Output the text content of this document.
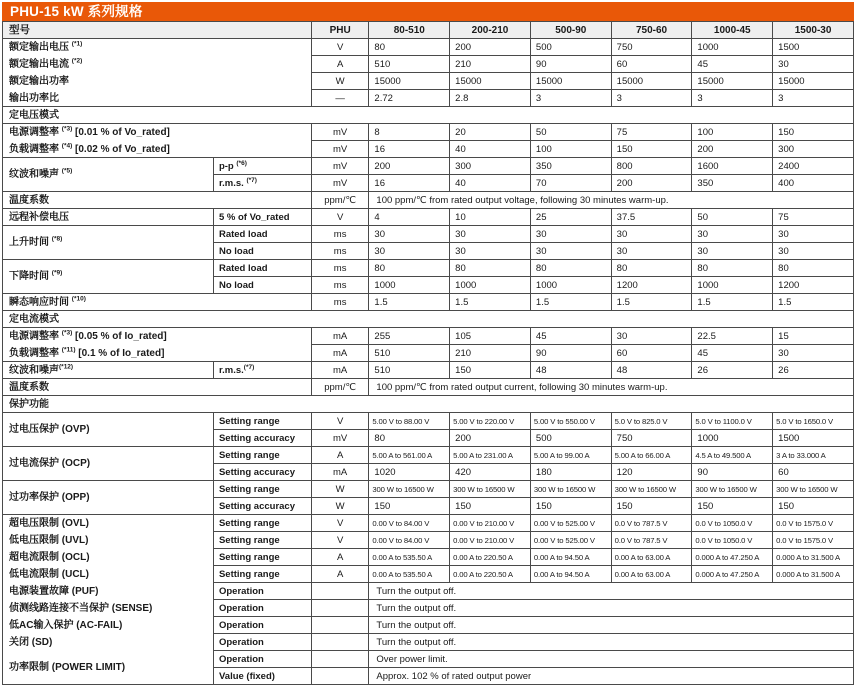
PHU-15 kW 系列规格
型号		PHU	80-510	200-210	500-90	750-60	1000-45	1500-30
额定输出电压 $^{(*1)}$		V	80	200	500	750	1000	1500
额定输出电流 $^{(*2)}$		A	510	210	90	60	45	30
额定输出功率		W	15000	15000	15000	15000	15000	15000
输出功率比		—	2.72	2.8	3	3	3	3
定电压模式								
电源调整率 $^{(*3)}$ [0.01 % of Vo_rated]		mV	8	20	50	75	100	150
负载调整率 $^{(*4)}$ [0.02 % of Vo_rated]		mV	16	40	100	150	200	300
纹波和噪声 $^{(*5)}$	p-p $^{(*6)}$	mV	200	300	350	800	1600	2400
	r.m.s. $^{(*7)}$	mV	16	40	70	200	350	400
温度系数		ppm/℃	100 ppm/℃ from rated output voltage, following 30 minutes warm-up.					
远程补偿电压	5 % of Vo_rated	V	4	10	25	37.5	50	75
上升时间 $^{(*8)}$	Rated load	ms	30	30	30	30	30	30
	No load	ms	30	30	30	30	30	30
下降时间 $^{(*9)}$	Rated load	ms	80	80	80	80	80	80
	No load	ms	1000	1000	1000	1200	1000	1200
瞬态响应时间 $^{(*10)}$		ms	1.5	1.5	1.5	1.5	1.5	1.5
定电流模式								
电源调整率 $^{(*3)}$ [0.05 % of Io_rated]		mA	255	105	45	30	22.5	15
负载调整率 $^{(*11)}$ [0.1 % of Io_rated]		mA	510	210	90	60	45	30
纹波和噪声$^{(*12)}$	r.m.s.$^{(*7)}$	mA	510	150	48	48	26	26
温度系数		ppm/℃	100 ppm/℃ from rated output current, following 30 minutes warm-up.					
保护功能								
过电压保护 (OVP)	Setting range	V	5.00 V to 88.00 V	5.00 V to 220.00 V	5.00 V to 550.00 V	5.0 V to 825.0 V	5.0 V to 1100.0 V	5.0 V to 1650.0 V
	Setting accuracy	mV	80	200	500	750	1000	1500
过电流保护 (OCP)	Setting range	A	5.00 A to 561.00 A	5.00 A to 231.00 A	5.00 A to 99.00 A	5.00 A to 66.00 A	4.5 A to 49.500 A	3 A to 33.000 A
	Setting accuracy	mA	1020	420	180	120	90	60
过功率保护 (OPP)	Setting range	W	300 W to 16500 W	300 W to 16500 W	300 W to 16500 W	300 W to 16500 W	300 W to 16500 W	300 W to 16500 W
	Setting accuracy	W	150	150	150	150	150	150
超电压限制 (OVL)	Setting range	V	0.00 V to 84.00 V	0.00 V to 210.00 V	0.00 V to 525.00 V	0.0 V to 787.5 V	0.0 V to 1050.0 V	0.0 V to 1575.0 V
低电压限制 (UVL)	Setting range	V	0.00 V to 84.00 V	0.00 V to 210.00 V	0.00 V to 525.00 V	0.0 V to 787.5 V	0.0 V to 1050.0 V	0.0 V to 1575.0 V
超电流限制 (OCL)	Setting range	A	0.00 A to 535.50 A	0.00 A to 220.50 A	0.00 A to 94.50 A	0.00 A to 63.00 A	0.000 A to 47.250 A	0.000 A to 31.500 A
低电流限制 (UCL)	Setting range	A	0.00 A to 535.50 A	0.00 A to 220.50 A	0.00 A to 94.50 A	0.00 A to 63.00 A	0.000 A to 47.250 A	0.000 A to 31.500 A
电源装置故障 (PUF)	Operation		Turn the output off.					
侦测线路连接不当保护 (SENSE)	Operation		Turn the output off.					
低AC输入保护 (AC-FAIL)	Operation		Turn the output off.					
关闭 (SD)	Operation		Turn the output off.					
功率限制 (POWER LIMIT)	Operation		Over power limit.					
	Value (fixed)		Approx. 102 % of rated output power					
